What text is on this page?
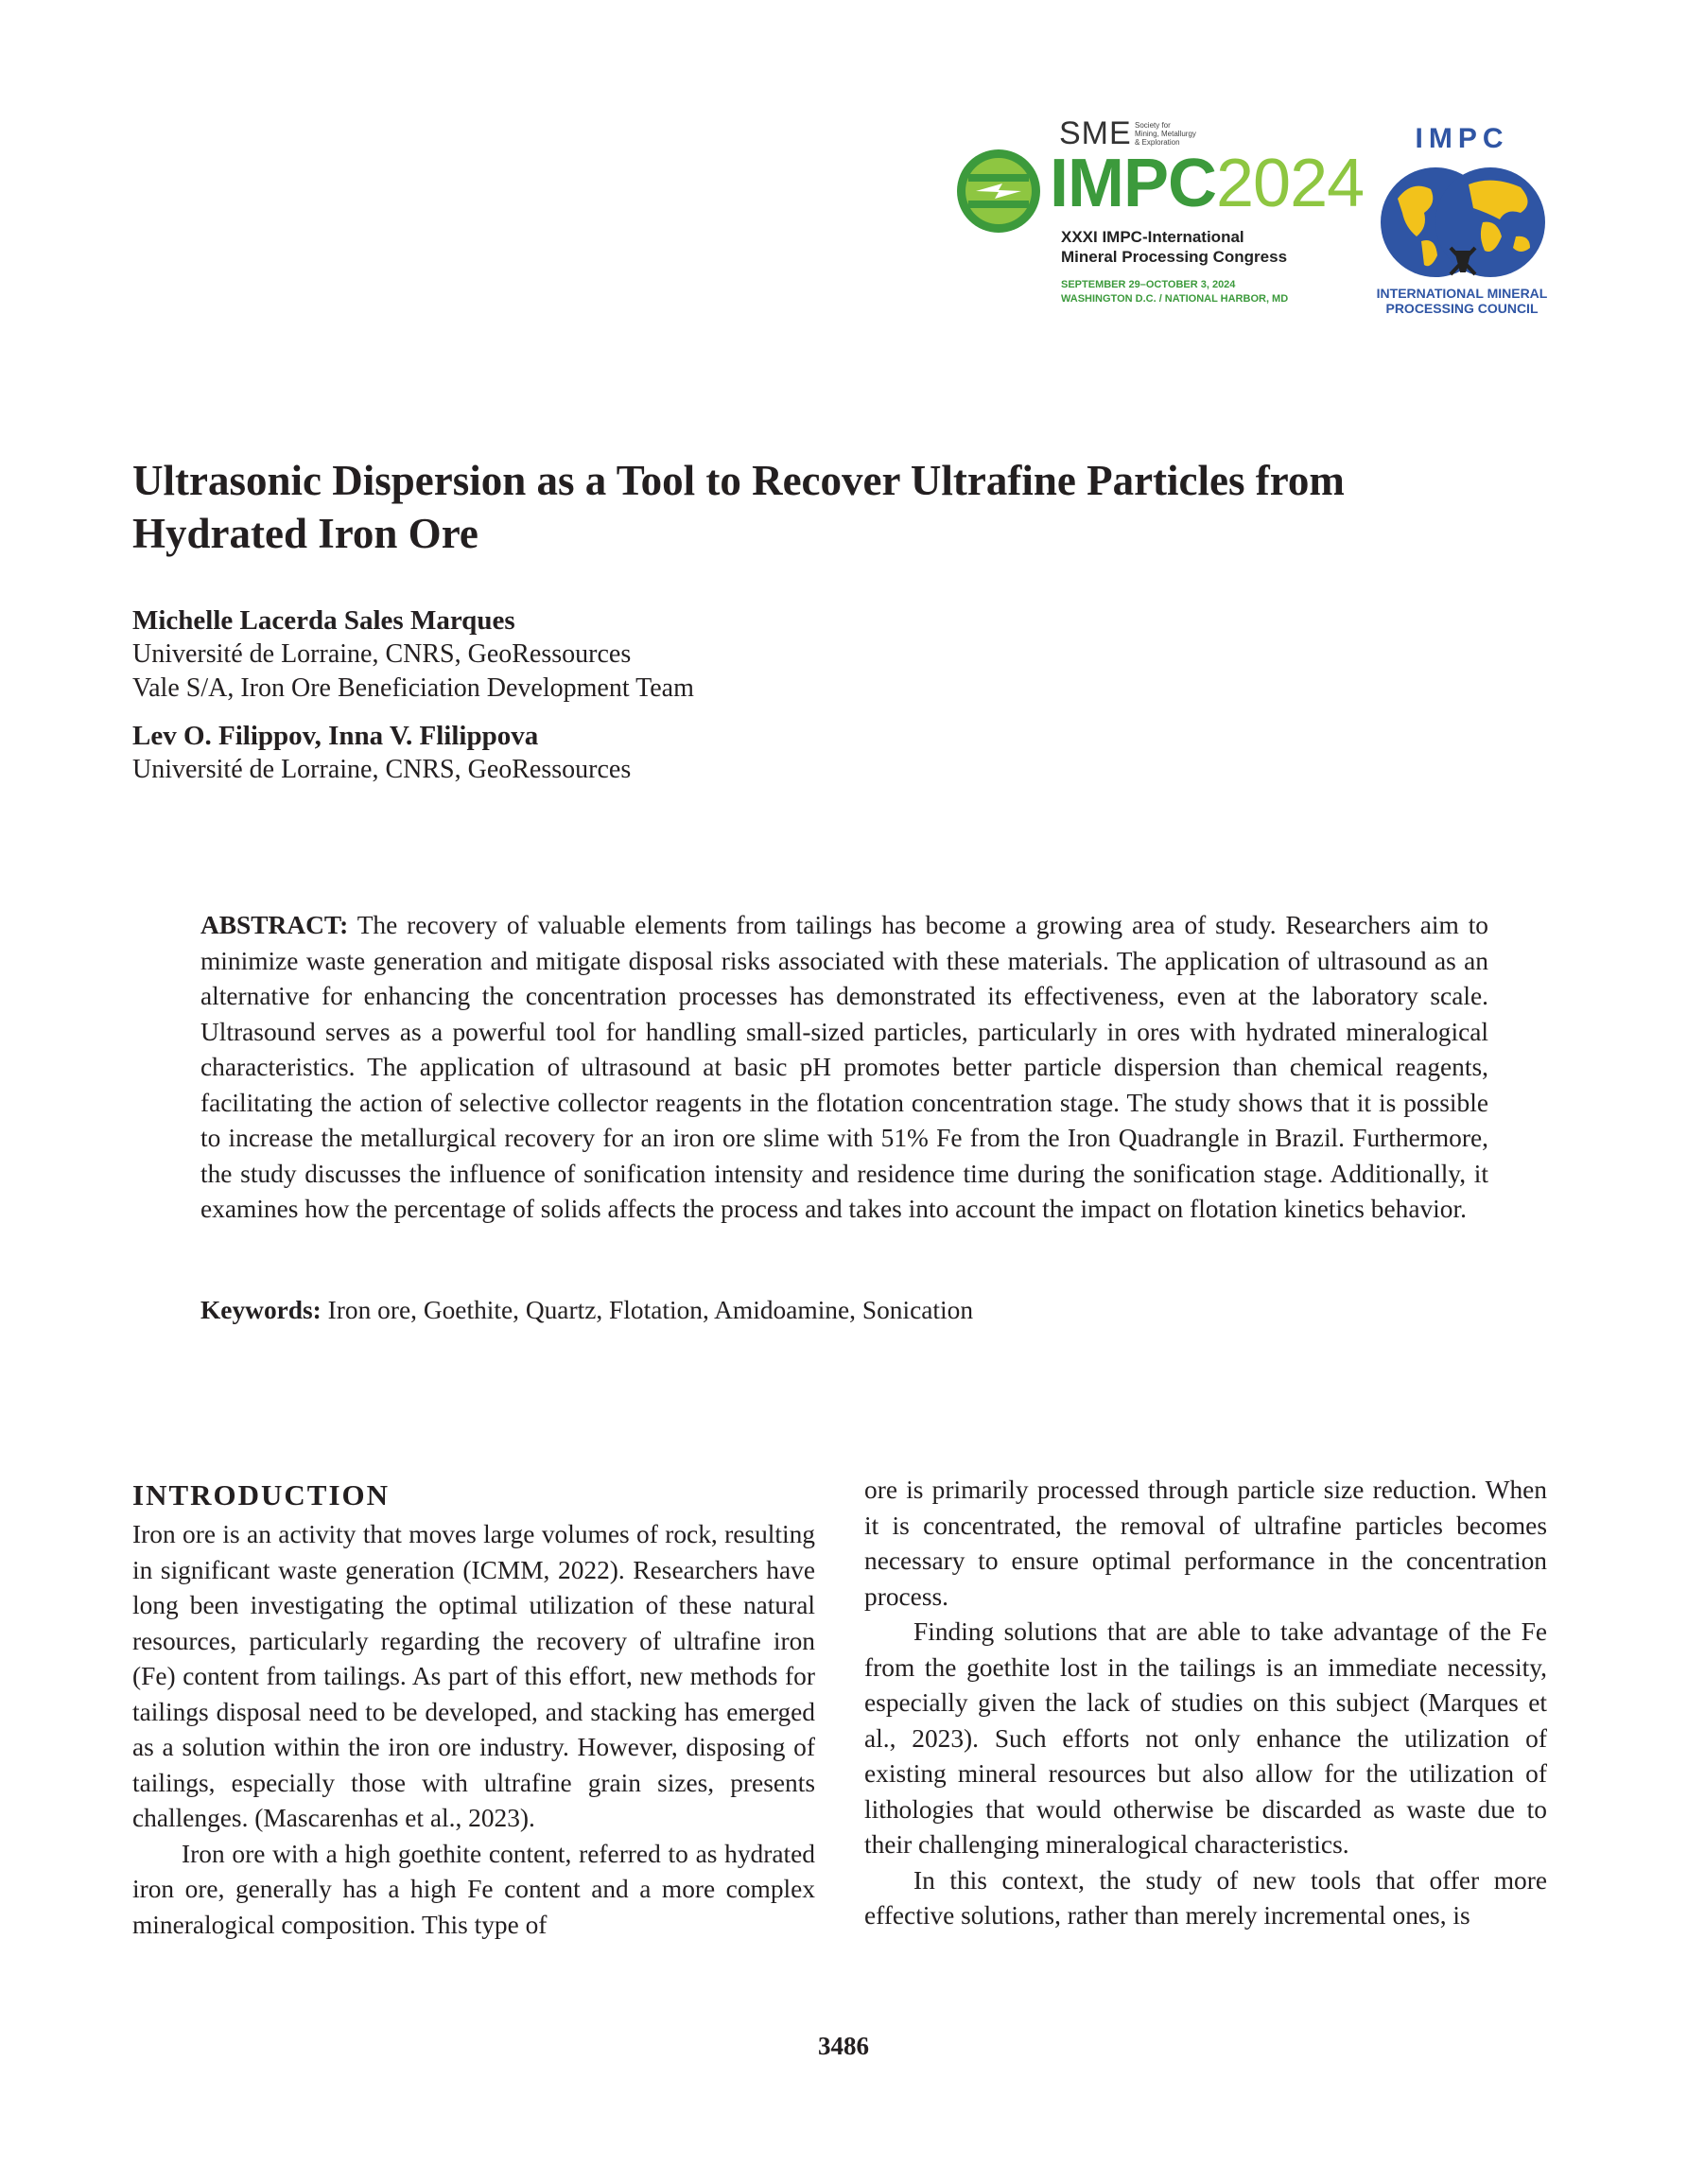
SME Society for
Mining, Metallurgy
& Exploration
IMPC2024
XXXI IMPC-International
Mineral Processing Congress
SEPTEMBER 29–OCTOBER 3, 2024
WASHINGTON D.C. / NATIONAL HARBOR, MD
IMPC
INTERNATIONAL MINERAL
PROCESSING COUNCIL
Ultrasonic Dispersion as a Tool to Recover Ultrafine Particles from Hydrated Iron Ore
Michelle Lacerda Sales Marques
Université de Lorraine, CNRS, GeoRessources
Vale S/A, Iron Ore Beneficiation Development Team
Lev O. Filippov, Inna V. Flilippova
Université de Lorraine, CNRS, GeoRessources

ABSTRACT: The recovery of valuable elements from tailings has become a growing area of study. Researchers aim to minimize waste generation and mitigate disposal risks associated with these materials. The application of ultrasound as an alternative for enhancing the concentration processes has demonstrated its effectiveness, even at the laboratory scale. Ultrasound serves as a powerful tool for handling small-sized particles, particularly in ores with hydrated mineralogical characteristics. The application of ultrasound at basic pH promotes better particle dispersion than chemical reagents, facilitating the action of selective collector reagents in the flotation concentration stage. The study shows that it is possible to increase the metallurgical recovery for an iron ore slime with 51% Fe from the Iron Quadrangle in Brazil. Furthermore, the study discusses the influence of sonification intensity and residence time during the sonification stage. Additionally, it examines how the percentage of solids affects the process and takes into account the impact on flotation kinetics behavior.

Keywords: Iron ore, Goethite, Quartz, Flotation, Amidoamine, Sonication

INTRODUCTION

Iron ore is an activity that moves large volumes of rock, resulting in significant waste generation (ICMM, 2022). Researchers have long been investigating the optimal utilization of these natural resources, particularly regarding the recovery of ultrafine iron (Fe) content from tailings. As part of this effort, new methods for tailings disposal need to be developed, and stacking has emerged as a solution within the iron ore industry. However, disposing of tailings, especially those with ultrafine grain sizes, presents challenges. (Mascarenhas et al., 2023).

Iron ore with a high goethite content, referred to as hydrated iron ore, generally has a high Fe content and a more complex mineralogical composition. This type of

ore is primarily processed through particle size reduction. When it is concentrated, the removal of ultrafine particles becomes necessary to ensure optimal performance in the concentration process.

Finding solutions that are able to take advantage of the Fe from the goethite lost in the tailings is an immediate necessity, especially given the lack of studies on this subject (Marques et al., 2023). Such efforts not only enhance the utilization of existing mineral resources but also allow for the utilization of lithologies that would otherwise be discarded as waste due to their challenging mineralogical characteristics.

In this context, the study of new tools that offer more effective solutions, rather than merely incremental ones, is

3486
